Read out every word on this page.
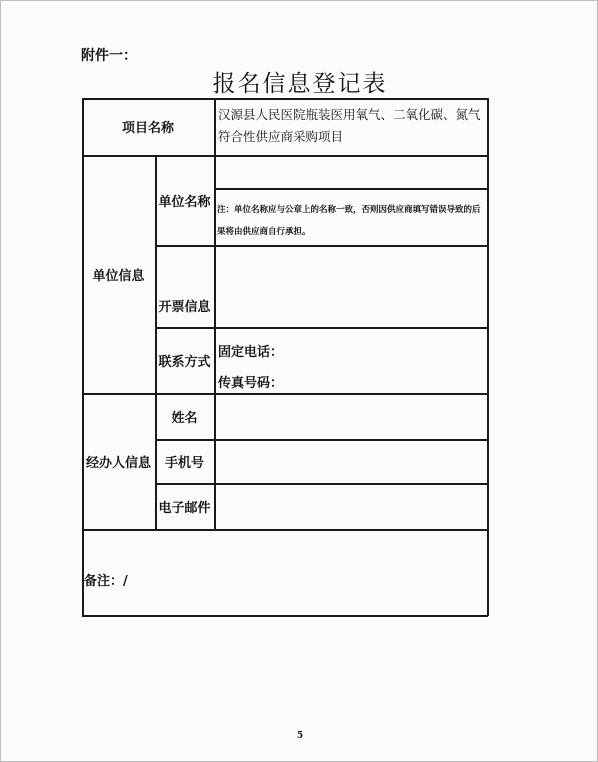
附件一：
报名信息登记表
项目名称
汉源县人民医院瓶装医用氧气、二氧化碳、氮气符合性供应商采购项目
单位信息
单位名称
注：单位名称应与公章上的名称一致，否则因供应商填写错误导致的后果将由供应商自行承担。
开票信息
联系方式
固定电话：
传真号码：
经办人信息
姓名
手机号
电子邮件
备注：/
5
